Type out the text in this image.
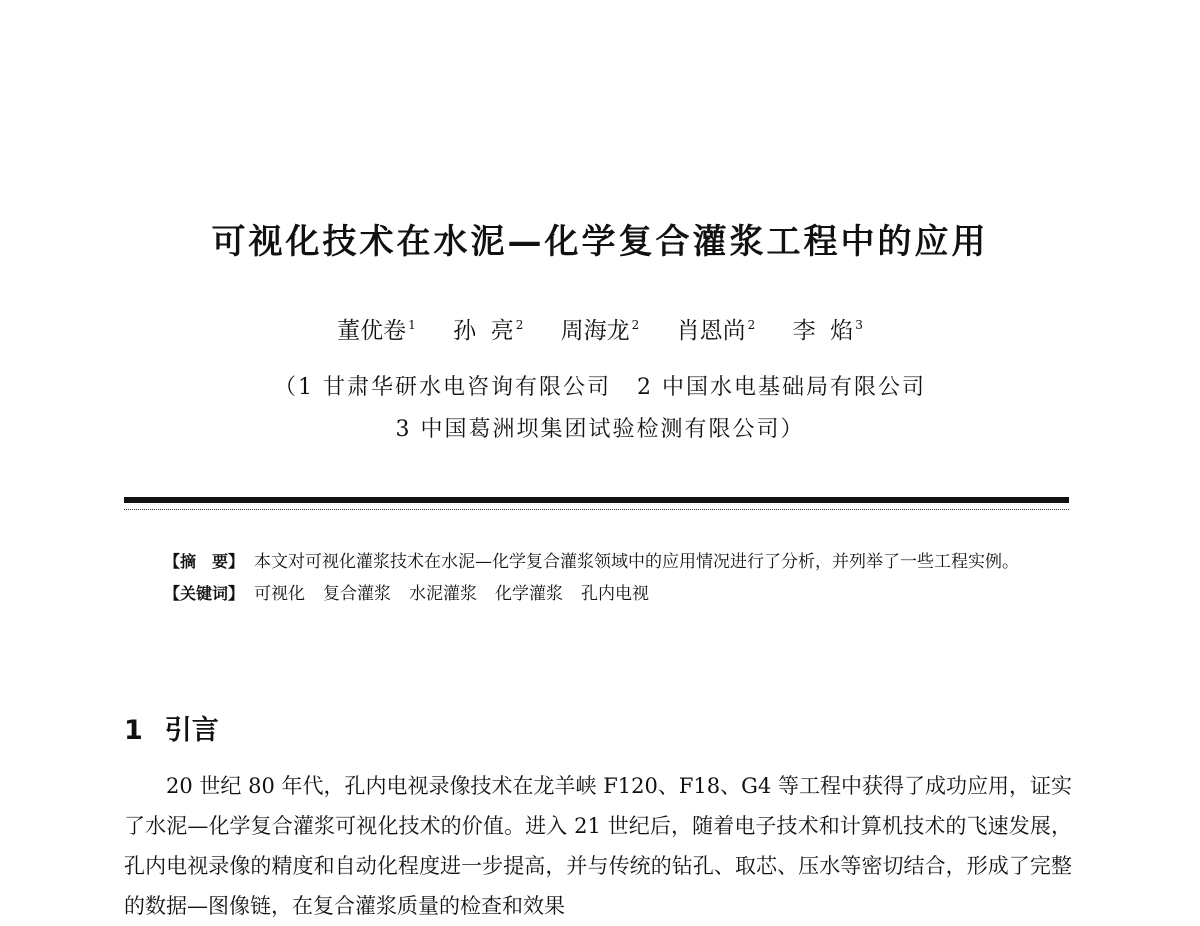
可视化技术在水泥—化学复合灌浆工程中的应用
董优卷 $^1$ 孙  亮 $^2$ 周海龙 $^2$ 肖恩尚 $^2$ 李  焰 $^3$
（1 甘肃华研水电咨询有限公司 2 中国水电基础局有限公司
3 中国葛洲坝集团试验检测有限公司）

【摘　要】 本文对可视化灌浆技术在水泥—化学复合灌浆领域中的应用情况进行了分析，并列举了一些工程实例。

【关键词】 可视化 复合灌浆 水泥灌浆 化学灌浆 孔内电视

1 引言

20 世纪 80 年代，孔内电视录像技术在龙羊峡 F120、F18、G4 等工程中获得了成功应用，证实了水泥—化学复合灌浆可视化技术的价值。进入 21 世纪后，随着电子技术和计算机技术的飞速发展，孔内电视录像的精度和自动化程度进一步提高，并与传统的钻孔、取芯、压水等密切结合，形成了完整的数据—图像链，在复合灌浆质量的检查和效果
